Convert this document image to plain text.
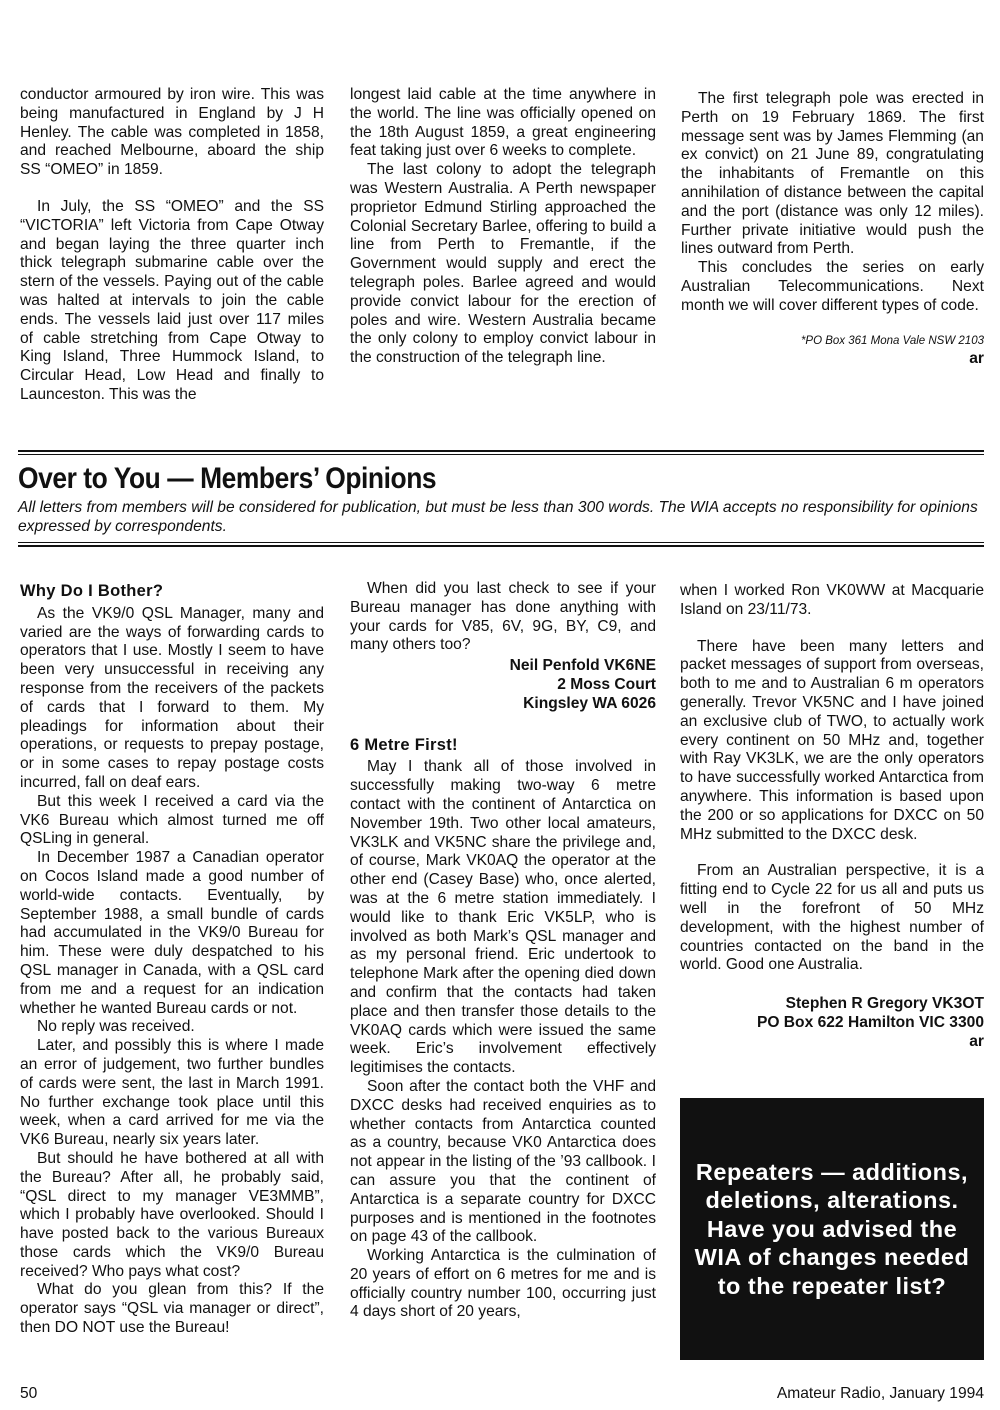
conductor armoured by iron wire. This was being manufactured in England by J H Henley. The cable was completed in 1858, and reached Melbourne, aboard the ship SS “OMEO” in 1859.

In July, the SS “OMEO” and the SS “VICTORIA” left Victoria from Cape Otway and began laying the three quarter inch thick telegraph submarine cable over the stern of the vessels. Paying out of the cable was halted at intervals to join the cable ends. The vessels laid just over 117 miles of cable stretching from Cape Otway to King Island, Three Hummock Island, to Circular Head, Low Head and finally to Launceston. This was the

longest laid cable at the time anywhere in the world. The line was officially opened on the 18th August 1859, a great engineering feat taking just over 6 weeks to complete.

The last colony to adopt the telegraph was Western Australia. A Perth newspaper proprietor Edmund Stirling approached the Colonial Secretary Barlee, offering to build a line from Perth to Fremantle, if the Government would supply and erect the telegraph poles. Barlee agreed and would provide convict labour for the erection of poles and wire. Western Australia became the only colony to employ convict labour in the construction of the telegraph line.

The first telegraph pole was erected in Perth on 19 February 1869. The first message sent was by James Flemming (an ex convict) on 21 June 89, congratulating the inhabitants of Fremantle on this annihilation of distance between the capital and the port (distance was only 12 miles). Further private initiative would push the lines outward from Perth.

This concludes the series on early Australian Telecommunications. Next month we will cover different types of code.

*PO Box 361 Mona Vale NSW 2103
ar
Over to You — Members’ Opinions
All letters from members will be considered for publication, but must be less than 300 words. The WIA accepts no responsibility for opinions expressed by correspondents.
Why Do I Bother?

As the VK9/0 QSL Manager, many and varied are the ways of forwarding cards to operators that I use. Mostly I seem to have been very unsuccessful in receiving any response from the receivers of the packets of cards that I forward to them. My pleadings for information about their operations, or requests to prepay postage, or in some cases to repay postage costs incurred, fall on deaf ears.

But this week I received a card via the VK6 Bureau which almost turned me off QSLing in general.

In December 1987 a Canadian operator on Cocos Island made a good number of world-wide contacts. Eventually, by September 1988, a small bundle of cards had accumulated in the VK9/0 Bureau for him. These were duly despatched to his QSL manager in Canada, with a QSL card from me and a request for an indication whether he wanted Bureau cards or not.

No reply was received.

Later, and possibly this is where I made an error of judgement, two further bundles of cards were sent, the last in March 1991. No further exchange took place until this week, when a card arrived for me via the VK6 Bureau, nearly six years later.

But should he have bothered at all with the Bureau? After all, he probably said, “QSL direct to my manager VE3MMB”, which I probably have overlooked. Should I have posted back to the various Bureaux those cards which the VK9/0 Bureau received? Who pays what cost?

What do you glean from this? If the operator says “QSL via manager or direct”, then DO NOT use the Bureau!

When did you last check to see if your Bureau manager has done anything with your cards for V85, 6V, 9G, BY, C9, and many others too?

Neil Penfold VK6NE

2 Moss Court

Kingsley WA 6026

6 Metre First!

May I thank all of those involved in successfully making two-way 6 metre contact with the continent of Antarctica on November 19th. Two other local amateurs, VK3LK and VK5NC share the privilege and, of course, Mark VK0AQ the operator at the other end (Casey Base) who, once alerted, was at the 6 metre station immediately. I would like to thank Eric VK5LP, who is involved as both Mark’s QSL manager and as my personal friend. Eric undertook to telephone Mark after the opening died down and confirm that the contacts had taken place and then transfer those details to the VK0AQ cards which were issued the same week. Eric’s involvement effectively legitimises the contacts.

Soon after the contact both the VHF and DXCC desks had received enquiries as to whether contacts from Antarctica counted as a country, because VK0 Antarctica does not appear in the listing of the ’93 callbook. I can assure you that the continent of Antarctica is a separate country for DXCC purposes and is mentioned in the footnotes on page 43 of the callbook.

Working Antarctica is the culmination of 20 years of effort on 6 metres for me and is officially country number 100, occurring just 4 days short of 20 years,

when I worked Ron VK0WW at Macquarie Island on 23/11/73.

There have been many letters and packet messages of support from overseas, both to me and to Australian 6 m operators generally. Trevor VK5NC and I have joined an exclusive club of TWO, to actually work every continent on 50 MHz and, together with Ray VK3LK, we are the only operators to have successfully worked Antarctica from anywhere. This information is based upon the 200 or so applications for DXCC on 50 MHz submitted to the DXCC desk.

From an Australian perspective, it is a fitting end to Cycle 22 for us all and puts us well in the forefront of 50 MHz development, with the highest number of countries contacted on the band in the world. Good one Australia.

Stephen R Gregory VK3OT

PO Box 622 Hamilton VIC 3300

ar
Repeaters — additions, deletions, alterations. Have you advised the WIA of changes needed to the repeater list?
50	Amateur Radio, January 1994
